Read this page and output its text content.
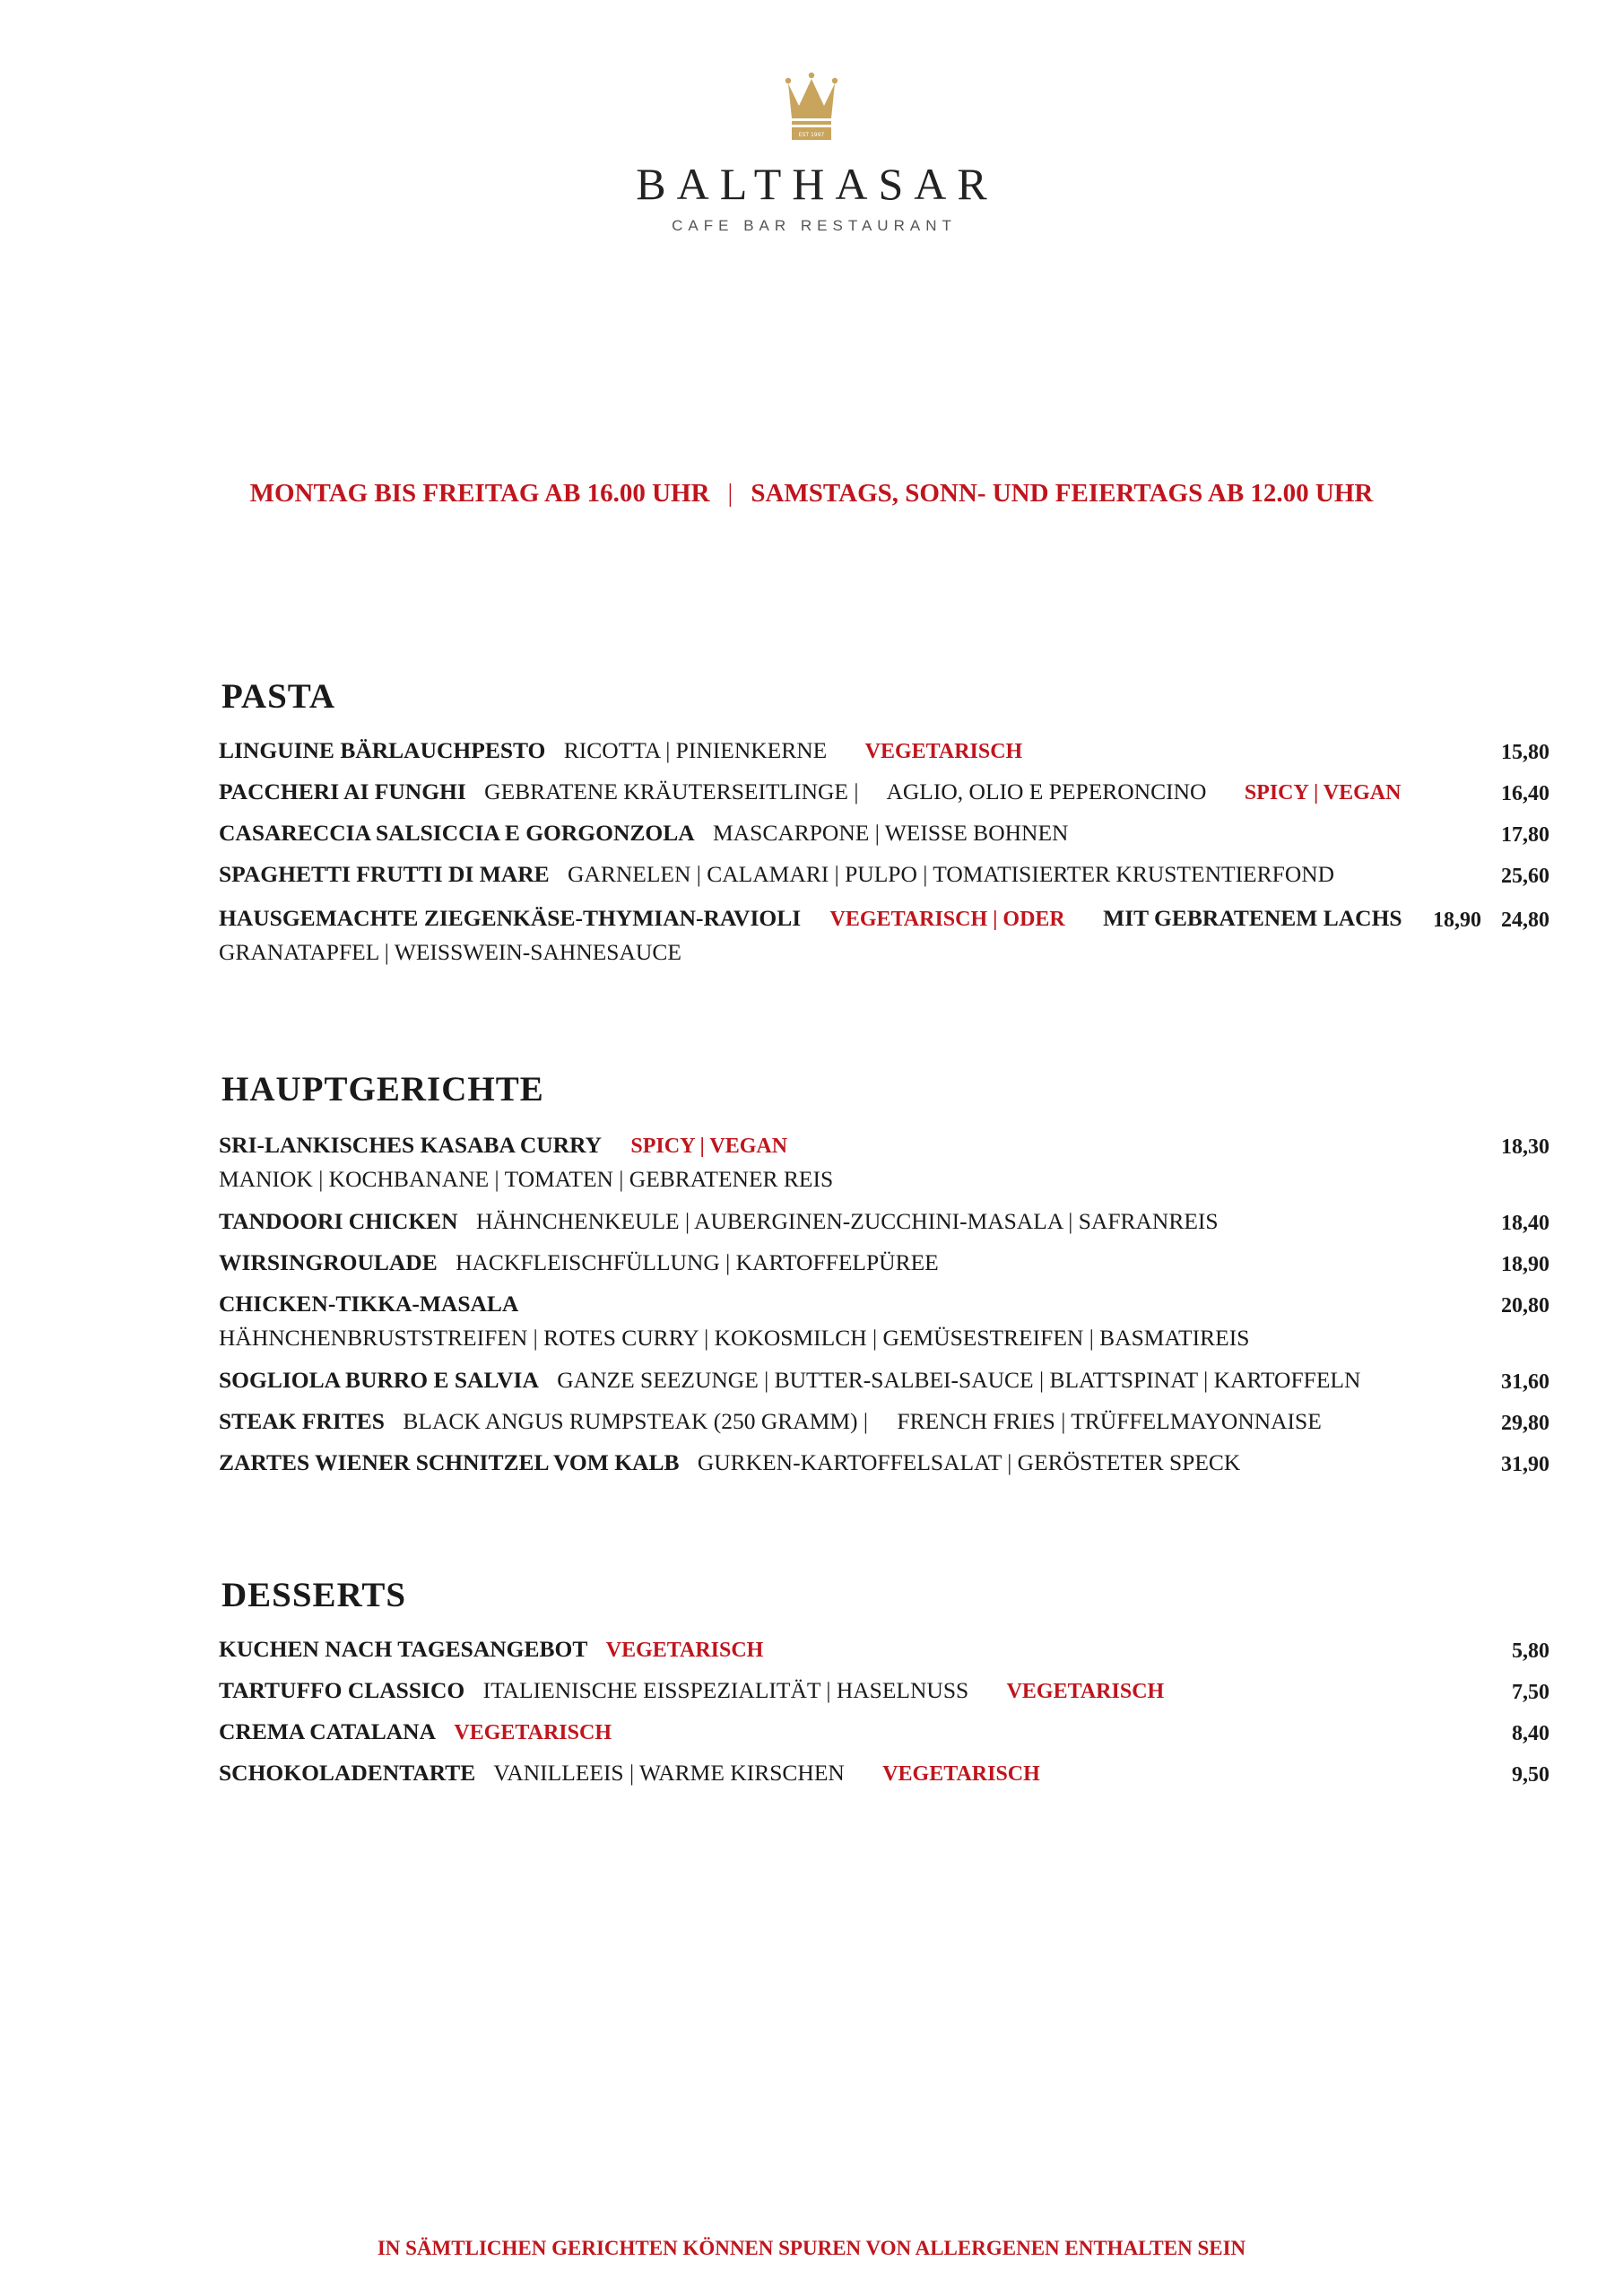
EST 1997
BALTHASAR
CAFE BAR RESTAURANT
MONTAG BIS FREITAG AB 16.00 UHR | SAMSTAGS, SONN- UND FEIERTAGS AB 12.00 UHR
PASTA
LINGUINE BÄRLAUCHPESTO RICOTTA | PINIENKERNE VEGETARISCH	15,80
PACCHERI AI FUNGHI GEBRATENE KRÄUTERSEITLINGE | AGLIO, OLIO E PEPERONCINO SPICY | VEGAN	16,40
CASARECCIA SALSICCIA E GORGONZOLA MASCARPONE | WEISSE BOHNEN	17,80
SPAGHETTI FRUTTI DI MARE GARNELEN | CALAMARI | PULPO | TOMATISIERTER KRUSTENTIERFOND	25,60
HAUSGEMACHTE ZIEGENKÄSE-THYMIAN-RAVIOLI VEGETARISCH | ODER MIT GEBRATENEM LACHS 18,90 24,80
GRANATAPFEL | WEISSWEIN-SAHNESAUCE
HAUPTGERICHTE
SRI-LANKISCHES KASABA CURRY SPICY | VEGAN	18,30
MANIOK | KOCHBANANE | TOMATEN | GEBRATENER REIS
TANDOORI CHICKEN HÄHNCHENKEULE | AUBERGINEN-ZUCCHINI-MASALA | SAFRANREIS	18,40
WIRSINGROULADE HACKFLEISCHFÜLLUNG | KARTOFFELPÜREE	18,90
CHICKEN-TIKKA-MASALA	20,80
HÄHNCHENBRUSTSTREIFEN | ROTES CURRY | KOKOSMILCH | GEMÜSESTREIFEN | BASMATIREIS
SOGLIOLA BURRO E SALVIA GANZE SEEZUNGE | BUTTER-SALBEI-SAUCE | BLATTSPINAT | KARTOFFELN	31,60
STEAK FRITES BLACK ANGUS RUMPSTEAK (250 GRAMM) | FRENCH FRIES | TRÜFFELMAYONNAISE	29,80
ZARTES WIENER SCHNITZEL VOM KALB GURKEN-KARTOFFELSALAT | GERÖSTETER SPECK	31,90
DESSERTS
KUCHEN NACH TAGESANGEBOT VEGETARISCH	5,80
TARTUFFO CLASSICO ITALIENISCHE EISSPEZIALITÄT | HASELNUSS VEGETARISCH	7,50
CREMA CATALANA VEGETARISCH	8,40
SCHOKOLADENTARTE VANILLEEIS | WARME KIRSCHEN VEGETARISCH	9,50
IN SÄMTLICHEN GERICHTEN KÖNNEN SPUREN VON ALLERGENEN ENTHALTEN SEIN
